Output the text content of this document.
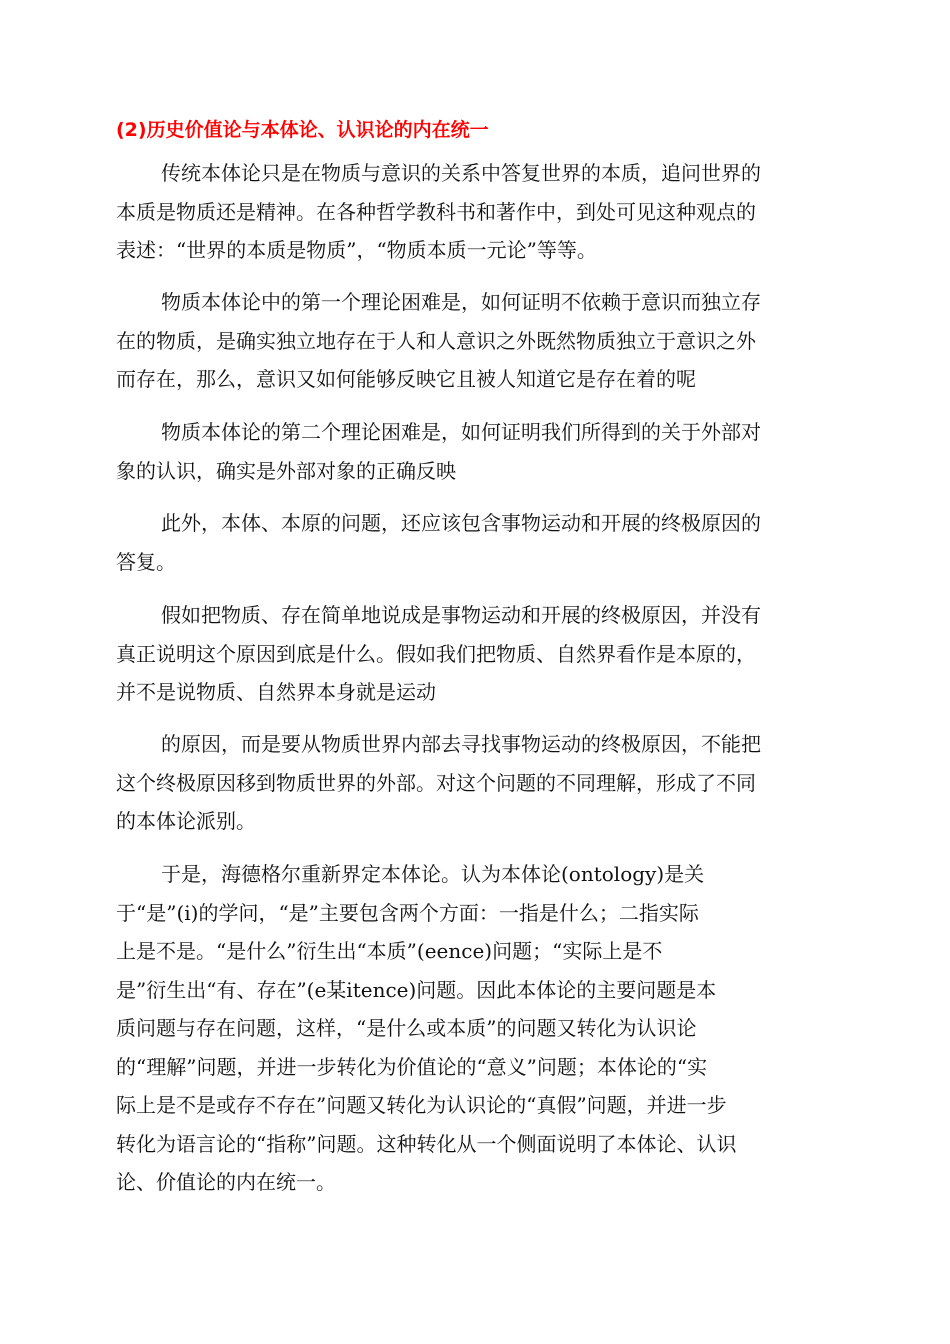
(2)历史价值论与本体论、认识论的内在统一

传统本体论只是在物质与意识的关系中答复世界的本质，追问世界的
本质是物质还是精神。在各种哲学教科书和著作中，到处可见这种观点的
表述：“世界的本质是物质”，“物质本质一元论”等等。

物质本体论中的第一个理论困难是，如何证明不依赖于意识而独立存
在的物质，是确实独立地存在于人和人意识之外既然物质独立于意识之外
而存在，那么，意识又如何能够反映它且被人知道它是存在着的呢

物质本体论的第二个理论困难是，如何证明我们所得到的关于外部对
象的认识，确实是外部对象的正确反映

此外，本体、本原的问题，还应该包含事物运动和开展的终极原因的
答复。

假如把物质、存在简单地说成是事物运动和开展的终极原因，并没有
真正说明这个原因到底是什么。假如我们把物质、自然界看作是本原的，
并不是说物质、自然界本身就是运动

的原因，而是要从物质世界内部去寻找事物运动的终极原因，不能把
这个终极原因移到物质世界的外部。对这个问题的不同理解，形成了不同
的本体论派别。

于是，海德格尔重新界定本体论。认为本体论(ontology)是关
于“是”(i)的学问，“是”主要包含两个方面：一指是什么；二指实际
上是不是。“是什么”衍生出“本质”(eence)问题；“实际上是不
是”衍生出“有、存在”(e某itence)问题。因此本体论的主要问题是本
质问题与存在问题，这样，“是什么或本质”的问题又转化为认识论
的“理解”问题，并进一步转化为价值论的“意义”问题；本体论的“实
际上是不是或存不存在”问题又转化为认识论的“真假”问题，并进一步
转化为语言论的“指称”问题。这种转化从一个侧面说明了本体论、认识
论、价值论的内在统一。
